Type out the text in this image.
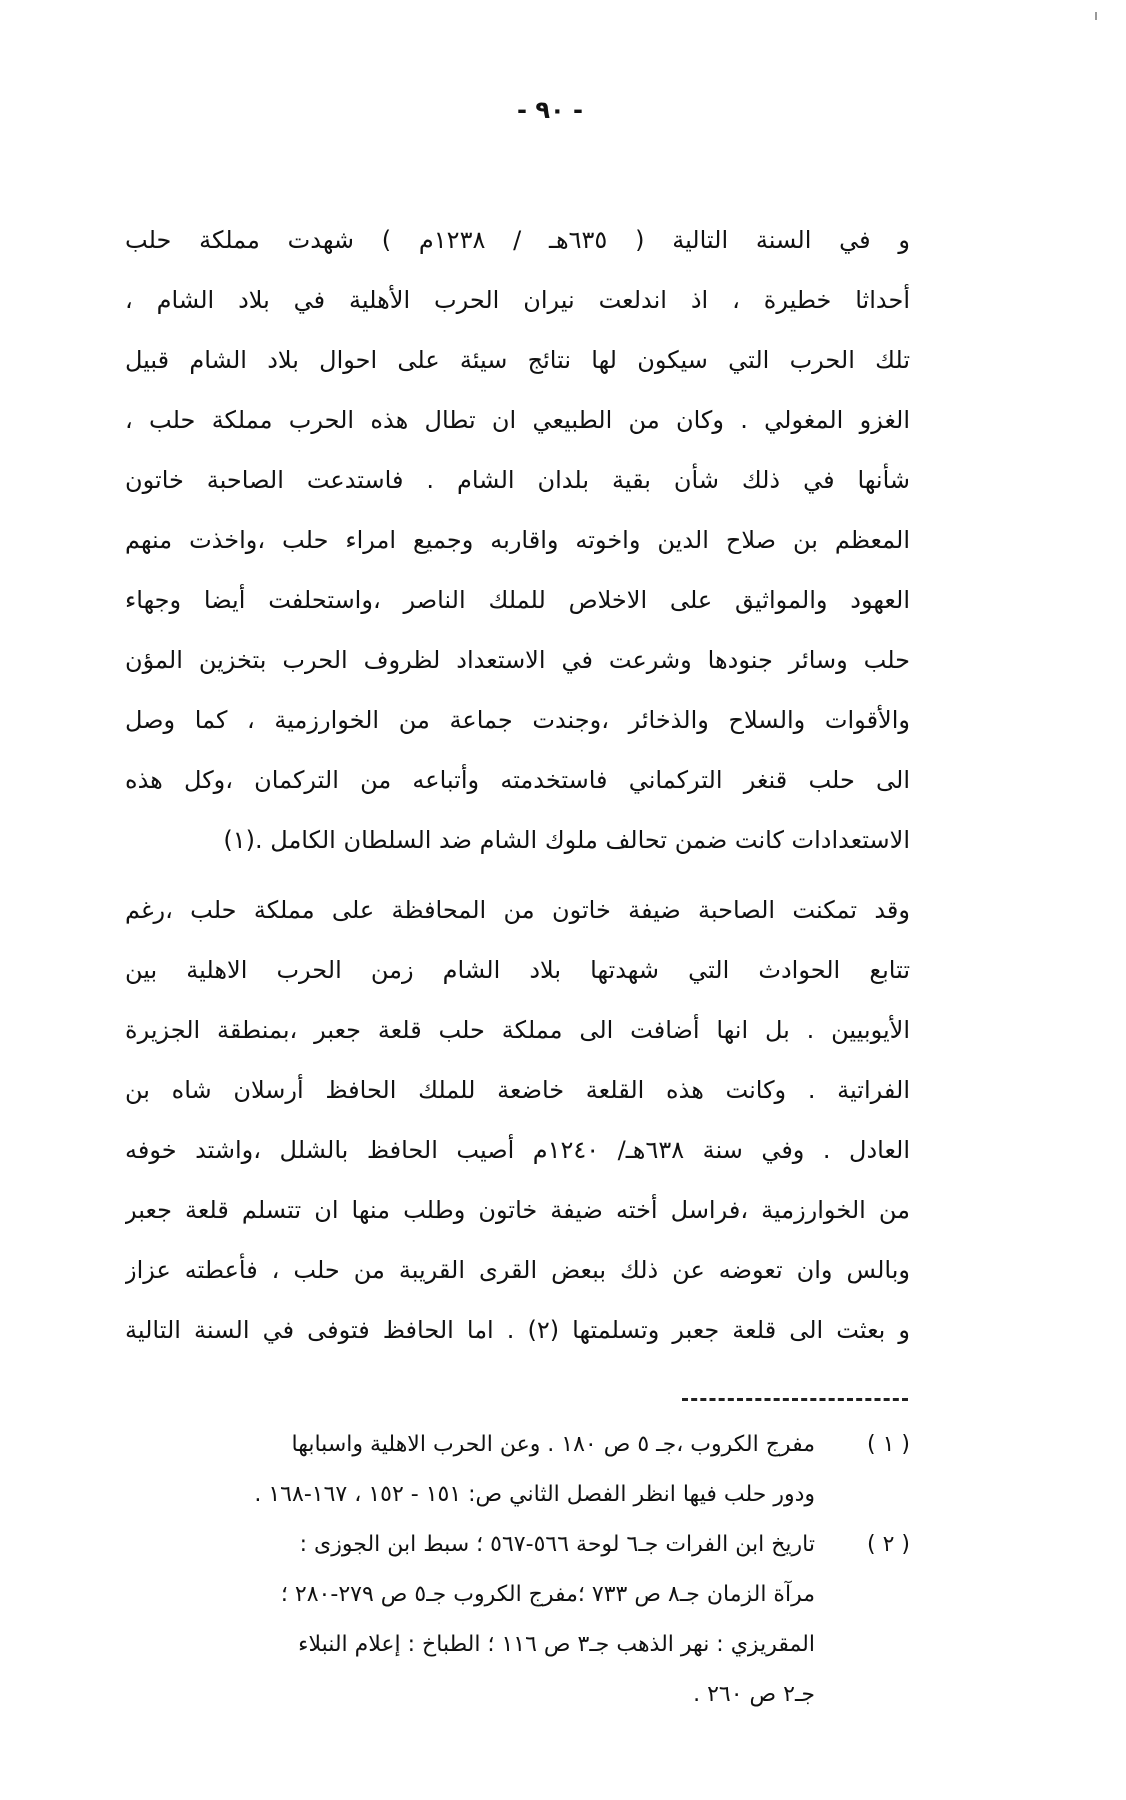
- ٩٠ -
و في السنة التالية ( ٦٣٥هـ / ١٢٣٨م ) شهدت مملكة حلب
أحداثا خطيرة ، اذ اندلعت نيران الحرب الأهلية في بلاد الشام ،
تلك الحرب التي سيكون لها نتائج سيئة على احوال بلاد الشام قبيل
الغزو المغولي . وكان من الطبيعي ان تطال هذه الحرب مملكة حلب ،
شأنها في ذلك شأن بقية بلدان الشام . فاستدعت الصاحبة خاتون
المعظم بن صلاح الدين واخوته واقاربه وجميع امراء حلب ،واخذت منهم
العهود والمواثيق على الاخلاص للملك الناصر ،واستحلفت أيضا وجهاء
حلب وسائر جنودها وشرعت في الاستعداد لظروف الحرب بتخزين المؤن
والأقوات والسلاح والذخائر ،وجندت جماعة من الخوارزمية ، كما وصل
الى حلب قنغر التركماني فاستخدمته وأتباعه من التركمان ،وكل هذه
الاستعدادات كانت ضمن تحالف ملوك الشام ضد السلطان الكامل .(١)
وقد تمكنت الصاحبة ضيفة خاتون من المحافظة على مملكة حلب ،رغم
تتابع الحوادث التي شهدتها بلاد الشام زمن الحرب الاهلية بين
الأيوبيين . بل انها أضافت الى مملكة حلب قلعة جعبر ،بمنطقة الجزيرة
الفراتية . وكانت هذه القلعة خاضعة للملك الحافظ أرسلان شاه بن
العادل . وفي سنة ٦٣٨هـ/ ١٢٤٠م أصيب الحافظ بالشلل ،واشتد خوفه
من الخوارزمية ،فراسل أخته ضيفة خاتون وطلب منها ان تتسلم قلعة جعبر
وبالس وان تعوضه عن ذلك ببعض القرى القريبة من حلب ، فأعطته عزاز
و بعثت الى قلعة جعبر وتسلمتها (٢) . اما الحافظ فتوفى في السنة التالية
( ١ )
مفرج الكروب ،جـ ٥ ص ١٨٠ . وعن الحرب الاهلية واسبابها
ودور حلب فيها انظر الفصل الثاني ص: ١٥١ - ١٥٢ ، ١٦٧-١٦٨ .
( ٢ )
تاريخ ابن الفرات جـ٦ لوحة ٥٦٦-٥٦٧ ؛ سبط ابن الجوزى :
مرآة الزمان جـ٨ ص ٧٣٣ ؛مفرج الكروب جـ٥ ص ٢٧٩-٢٨٠ ؛
المقريزي : نهر الذهب جـ٣ ص ١١٦ ؛ الطباخ : إعلام النبلاء
جـ٢ ص ٢٦٠ .
